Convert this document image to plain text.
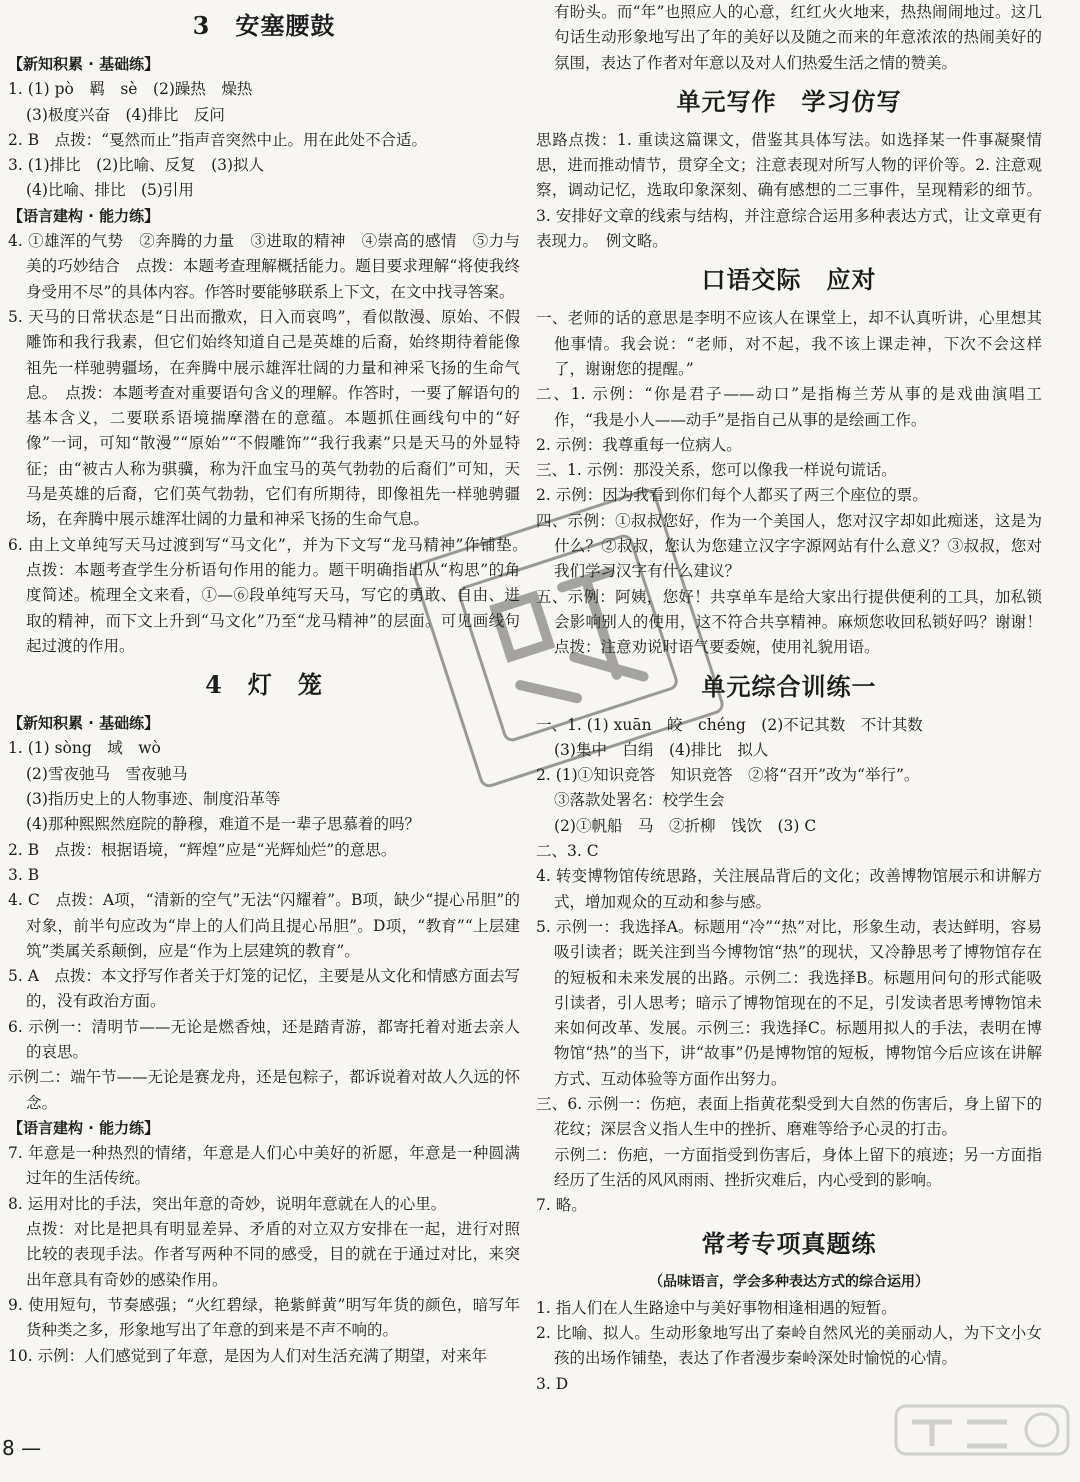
3　安塞腰鼓

【新知积累 · 基础练】

1. (1) pò　羁　sè　(2)躁热　燥热

(3)极度兴奋　(4)排比　反问

2. B　点拨：“戛然而止”指声音突然中止。用在此处不合适。

3. (1)排比　(2)比喻、反复　(3)拟人

(4)比喻、排比　(5)引用

【语言建构 · 能力练】

4. ①雄浑的气势　②奔腾的力量　③进取的精神　④崇高的感情　⑤力与美的巧妙结合　点拨：本题考查理解概括能力。题目要求理解“将使我终身受用不尽”的具体内容。作答时要能够联系上下文，在文中找寻答案。

5. 天马的日常状态是“日出而撒欢，日入而哀鸣”，看似散漫、原始、不假雕饰和我行我素，但它们始终知道自己是英雄的后裔，始终期待着能像祖先一样驰骋疆场，在奔腾中展示雄浑壮阔的力量和神采飞扬的生命气息。　点拨：本题考查对重要语句含义的理解。作答时，一要了解语句的基本含义，二要联系语境揣摩潜在的意蕴。本题抓住画线句中的“好像”一词，可知“散漫”“原始”“不假雕饰”“我行我素”只是天马的外显特征；由“被古人称为骐骥，称为汗血宝马的英气勃勃的后裔们”可知，天马是英雄的后裔，它们英气勃勃，它们有所期待，即像祖先一样驰骋疆场，在奔腾中展示雄浑壮阔的力量和神采飞扬的生命气息。

6. 由上文单纯写天马过渡到写“马文化”，并为下文写“龙马精神”作铺垫。　点拨：本题考查学生分析语句作用的能力。题干明确指出从“构思”的角度简述。梳理全文来看，①—⑥段单纯写天马，写它的勇敢、自由、进取的精神，而下文上升到“马文化”乃至“龙马精神”的层面。可见画线句起过渡的作用。

4　灯　笼

【新知积累 · 基础练】

1. (1) sòng　域　wò

(2)雪夜弛马　雪夜驰马

(3)指历史上的人物事迹、制度沿革等

(4)那种熙熙然庭院的静穆，难道不是一辈子思慕着的吗？

2. B　点拨：根据语境，“辉煌”应是“光辉灿烂”的意思。

3. B

4. C　点拨：A项，“清新的空气”无法“闪耀着”。B项，缺少“提心吊胆”的对象，前半句应改为“岸上的人们尚且提心吊胆”。D项，“教育”“上层建筑”类属关系颠倒，应是“作为上层建筑的教育”。

5. A　点拨：本文抒写作者关于灯笼的记忆，主要是从文化和情感方面去写的，没有政治方面。

6. 示例一：清明节——无论是燃香烛，还是踏青游，都寄托着对逝去亲人的哀思。

示例二：端午节——无论是赛龙舟，还是包粽子，都诉说着对故人久远的怀念。

【语言建构 · 能力练】

7. 年意是一种热烈的情绪，年意是人们心中美好的祈愿，年意是一种圆满过年的生活传统。

8. 运用对比的手法，突出年意的奇妙，说明年意就在人的心里。

点拨：对比是把具有明显差异、矛盾的对立双方安排在一起，进行对照比较的表现手法。作者写两种不同的感受，目的就在于通过对比，来突出年意具有奇妙的感染作用。

9. 使用短句，节奏感强；“火红碧绿，艳紫鲜黄”明写年货的颜色，暗写年货种类之多，形象地写出了年意的到来是不声不响的。

10. 示例：人们感觉到了年意，是因为人们对生活充满了期望，对来年

有盼头。而“年”也照应人的心意，红红火火地来，热热闹闹地过。这几句话生动形象地写出了年的美好以及随之而来的年意浓浓的热闹美好的氛围，表达了作者对年意以及对人们热爱生活之情的赞美。

单元写作　学习仿写

思路点拨：1. 重读这篇课文，借鉴其具体写法。如选择某一件事凝聚情思，进而推动情节，贯穿全文；注意表现对所写人物的评价等。2. 注意观察，调动记忆，选取印象深刻、确有感想的二三事件，呈现精彩的细节。3. 安排好文章的线索与结构，并注意综合运用多种表达方式，让文章更有表现力。　例文略。

口语交际　应对

一、老师的话的意思是李明不应该人在课堂上，却不认真听讲，心里想其他事情。我会说：“老师，对不起，我不该上课走神，下次不会这样了，谢谢您的提醒。”

二、1. 示例：“你是君子——动口”是指梅兰芳从事的是戏曲演唱工作，“我是小人——动手”是指自己从事的是绘画工作。

2. 示例：我尊重每一位病人。

三、1. 示例：那没关系，您可以像我一样说句谎话。

2. 示例：因为我看到你们每个人都买了两三个座位的票。

四、示例：①叔叔您好，作为一个美国人，您对汉字却如此痴迷，这是为什么？②叔叔，您认为您建立汉字字源网站有什么意义？③叔叔，您对我们学习汉字有什么建议？

五、示例：阿姨，您好！共享单车是给大家出行提供便利的工具，加私锁会影响别人的使用，这不符合共享精神。麻烦您收回私锁好吗？谢谢！　点拨：注意劝说时语气要委婉，使用礼貌用语。

单元综合训练一

一、1. (1) xuān　皎　chéng　(2)不记其数　不计其数

(3)集中　白绢　(4)排比　拟人

2. (1)①知识竞答　知识竞答　②将“召开”改为“举行”。

③落款处署名：校学生会

(2)①帆船　马　②折柳　饯饮　(3) C

二、3. C

4. 转变博物馆传统思路，关注展品背后的文化；改善博物馆展示和讲解方式，增加观众的互动和参与感。

5. 示例一：我选择A。标题用“冷”“热”对比，形象生动，表达鲜明，容易吸引读者；既关注到当今博物馆“热”的现状，又冷静思考了博物馆存在的短板和未来发展的出路。示例二：我选择B。标题用问句的形式能吸引读者，引人思考；暗示了博物馆现在的不足，引发读者思考博物馆未来如何改革、发展。示例三：我选择C。标题用拟人的手法，表明在博物馆“热”的当下，讲“故事”仍是博物馆的短板，博物馆今后应该在讲解方式、互动体验等方面作出努力。

三、6. 示例一：伤疤，表面上指黄花梨受到大自然的伤害后，身上留下的花纹；深层含义指人生中的挫折、磨难等给予心灵的打击。

示例二：伤疤，一方面指受到伤害后，身体上留下的痕迹；另一方面指经历了生活的风风雨雨、挫折灾难后，内心受到的影响。

7. 略。

常考专项真题练

（品味语言，学会多种表达方式的综合运用）

1. 指人们在人生路途中与美好事物相逢相遇的短暂。

2. 比喻、拟人。生动形象地写出了秦岭自然风光的美丽动人，为下文小女孩的出场作铺垫，表达了作者漫步秦岭深处时愉悦的心情。

3. D

8 —
